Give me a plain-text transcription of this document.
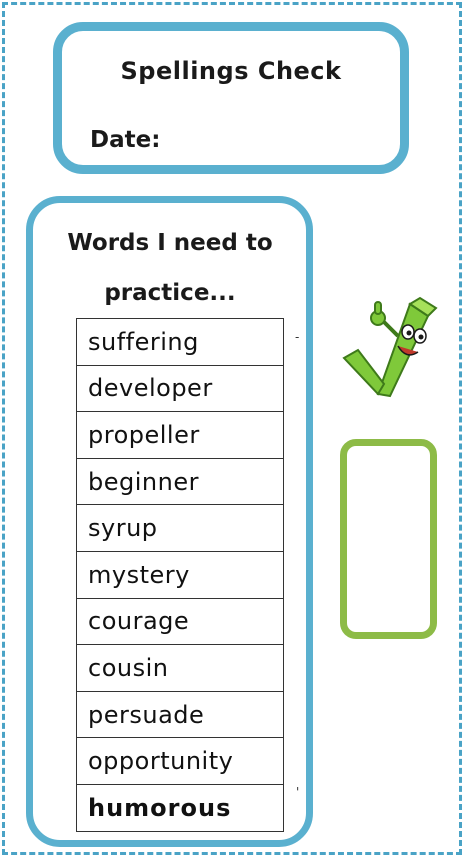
Spellings Check
Date:
Words I need to
practice...
suffering
developer
propeller
beginner
syrup
mystery
courage
cousin
persuade
opportunity
humorous
-
'
